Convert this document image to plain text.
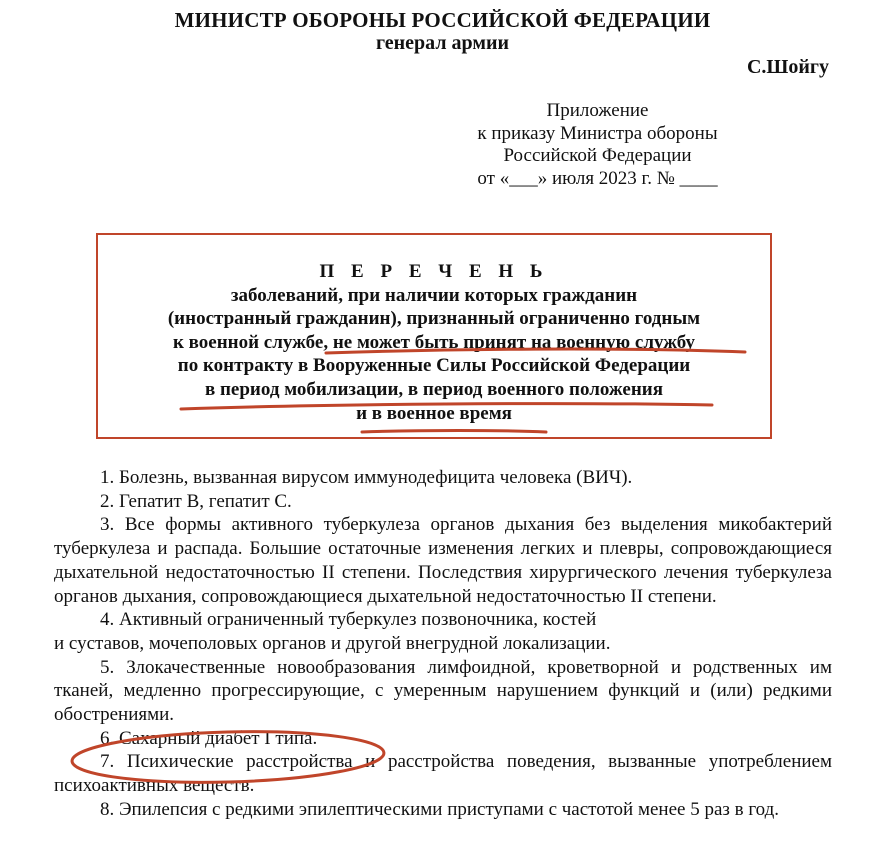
МИНИСТР ОБОРОНЫ РОССИЙСКОЙ ФЕДЕРАЦИИ
генерал армии
С.Шойгу
Приложение
к приказу Министра обороны
Российской Федерации
от «___» июля 2023 г. № ____
П Е Р Е Ч Е Н Ь
заболеваний, при наличии которых гражданин
(иностранный гражданин), признанный ограниченно годным
к военной службе, не может быть принят на военную службу
по контракту в Вооруженные Силы Российской Федерации
в период мобилизации, в период военного положения
и в военное время

1. Болезнь, вызванная вирусом иммунодефицита человека (ВИЧ).

2. Гепатит B, гепатит C.

3. Все формы активного туберкулеза органов дыхания без выделения микобактерий туберкулеза и распада. Большие остаточные изменения легких и плевры, сопровождающиеся дыхательной недостаточностью II степени. Последствия хирургического лечения туберкулеза органов дыхания, сопровождающиеся дыхательной недостаточностью II степени.

4. Активный ограниченный туберкулез позвоночника, костей

и суставов, мочеполовых органов и другой внегрудной локализации.

5. Злокачественные новообразования лимфоидной, кроветворной и родственных им тканей, медленно прогрессирующие, с умеренным нарушением функций и (или) редкими обострениями.

6. Сахарный диабет I типа.

7. Психические расстройства и расстройства поведения, вызванные употреблением психоактивных веществ.

8. Эпилепсия с редкими эпилептическими приступами с частотой менее 5 раз в год.
